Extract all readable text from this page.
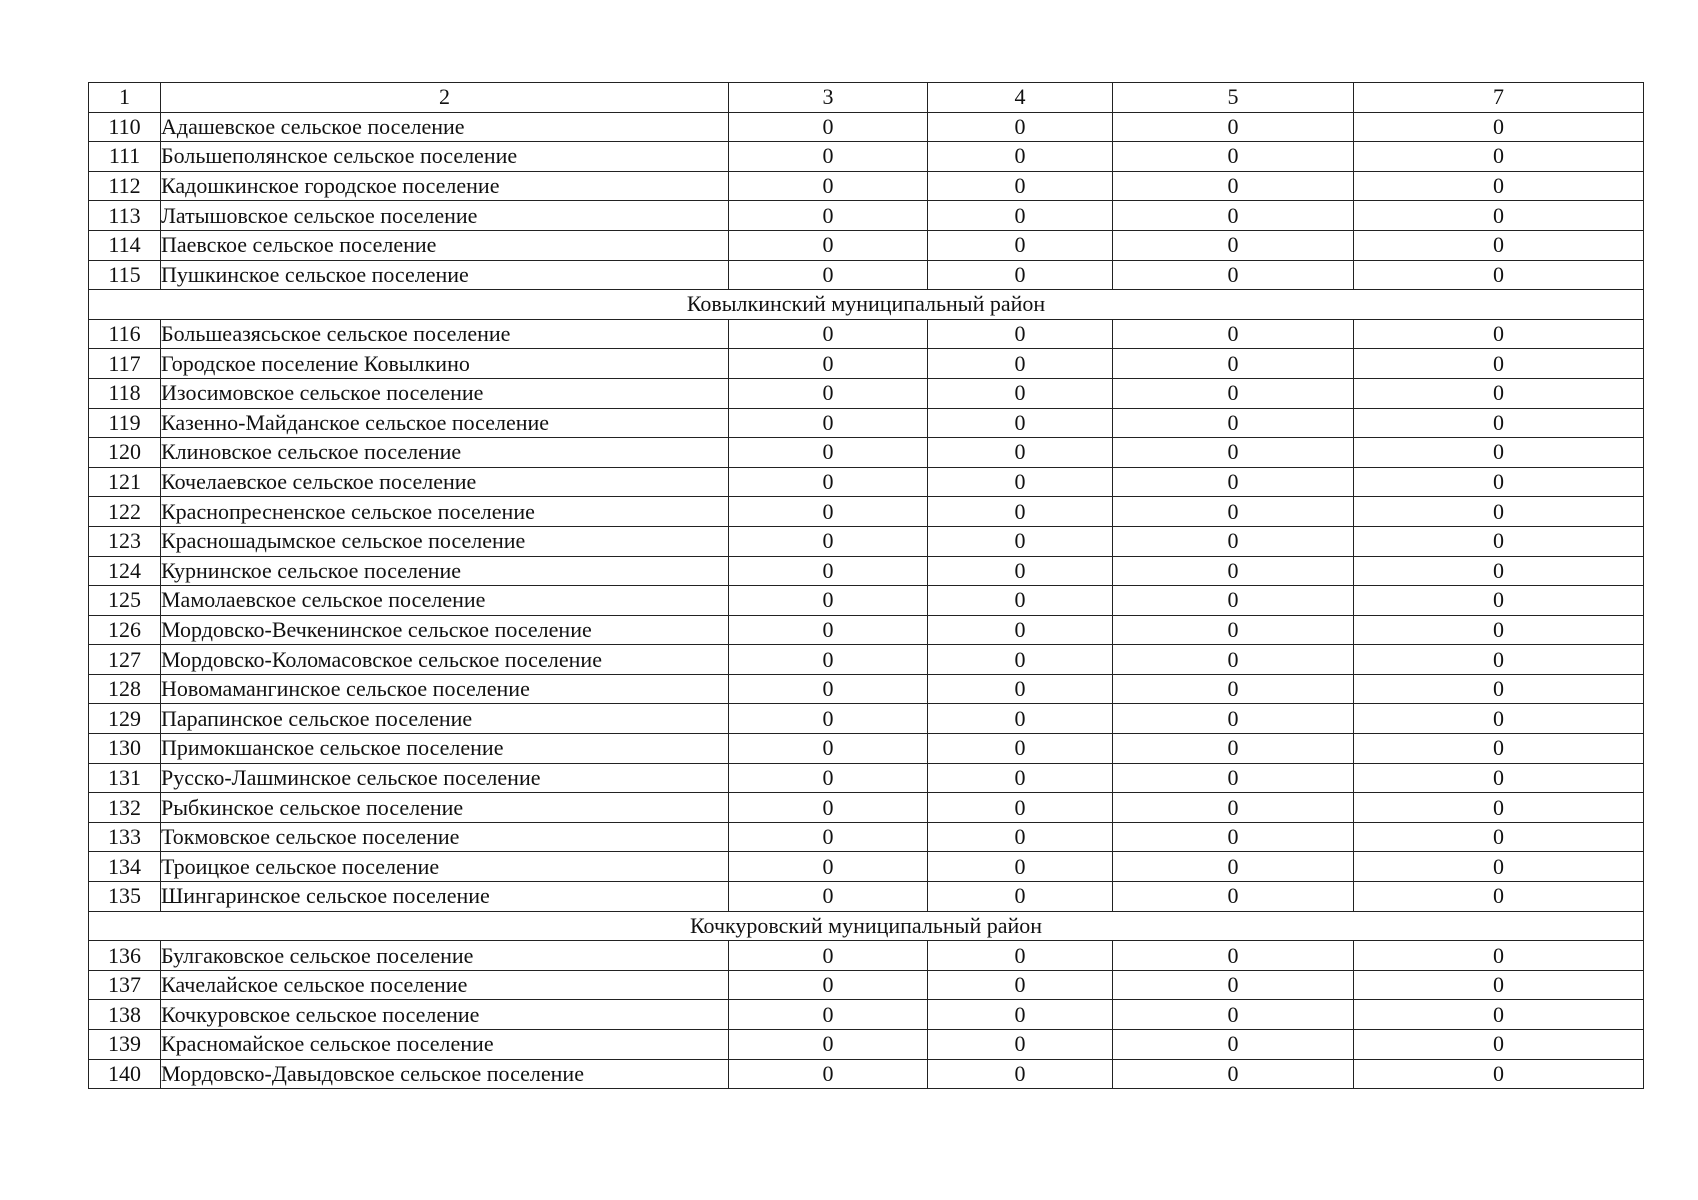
1	2	3	4	5	7
110	Адашевское сельское поселение	0	0	0	0
111	Большеполянское сельское поселение	0	0	0	0
112	Кадошкинское городское поселение	0	0	0	0
113	Латышовское сельское поселение	0	0	0	0
114	Паевское сельское поселение	0	0	0	0
115	Пушкинское сельское поселение	0	0	0	0
Ковылкинский муниципальный район					
116	Большеазясьское сельское поселение	0	0	0	0
117	Городское поселение Ковылкино	0	0	0	0
118	Изосимовское сельское поселение	0	0	0	0
119	Казенно-Майданское сельское поселение	0	0	0	0
120	Клиновское сельское поселение	0	0	0	0
121	Кочелаевское сельское поселение	0	0	0	0
122	Краснопресненское сельское поселение	0	0	0	0
123	Красношадымское сельское поселение	0	0	0	0
124	Курнинское сельское поселение	0	0	0	0
125	Мамолаевское сельское поселение	0	0	0	0
126	Мордовско-Вечкенинское сельское поселение	0	0	0	0
127	Мордовско-Коломасовское сельское поселение	0	0	0	0
128	Новомамангинское сельское поселение	0	0	0	0
129	Парапинское сельское поселение	0	0	0	0
130	Примокшанское сельское поселение	0	0	0	0
131	Русско-Лашминское сельское поселение	0	0	0	0
132	Рыбкинское сельское поселение	0	0	0	0
133	Токмовское сельское поселение	0	0	0	0
134	Троицкое сельское поселение	0	0	0	0
135	Шингаринское сельское поселение	0	0	0	0
Кочкуровский муниципальный район					
136	Булгаковское сельское поселение	0	0	0	0
137	Качелайское сельское поселение	0	0	0	0
138	Кочкуровское сельское поселение	0	0	0	0
139	Красномайское сельское поселение	0	0	0	0
140	Мордовско-Давыдовское сельское поселение	0	0	0	0
